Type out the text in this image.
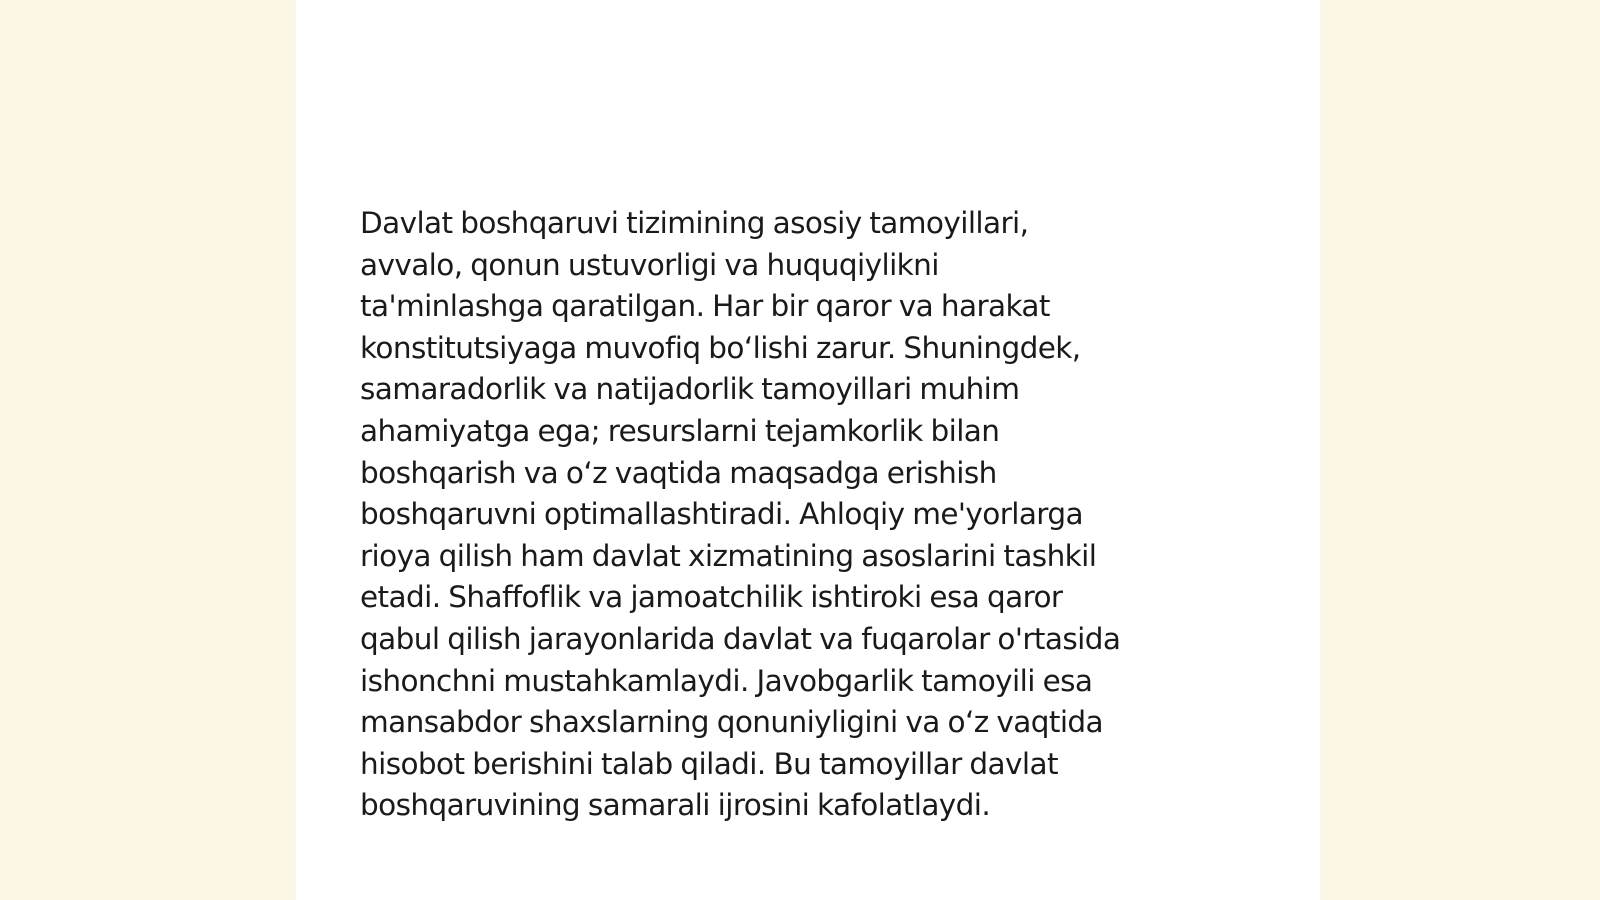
Davlat boshqaruvi tizimining asosiy tamoyillari,
avvalo, qonun ustuvorligi va huquqiylikni
ta'minlashga qaratilgan. Har bir qaror va harakat
konstitutsiyaga muvofiq bo‘lishi zarur. Shuningdek,
samaradorlik va natijadorlik tamoyillari muhim
ahamiyatga ega; resurslarni tejamkorlik bilan
boshqarish va o‘z vaqtida maqsadga erishish
boshqaruvni optimallashtiradi. Ahloqiy me'yorlarga
rioya qilish ham davlat xizmatining asoslarini tashkil
etadi. Shaffoflik va jamoatchilik ishtiroki esa qaror
qabul qilish jarayonlarida davlat va fuqarolar o'rtasida
ishonchni mustahkamlaydi. Javobgarlik tamoyili esa
mansabdor shaxslarning qonuniyligini va o‘z vaqtida
hisobot berishini talab qiladi. Bu tamoyillar davlat
boshqaruvining samarali ijrosini kafolatlaydi.
